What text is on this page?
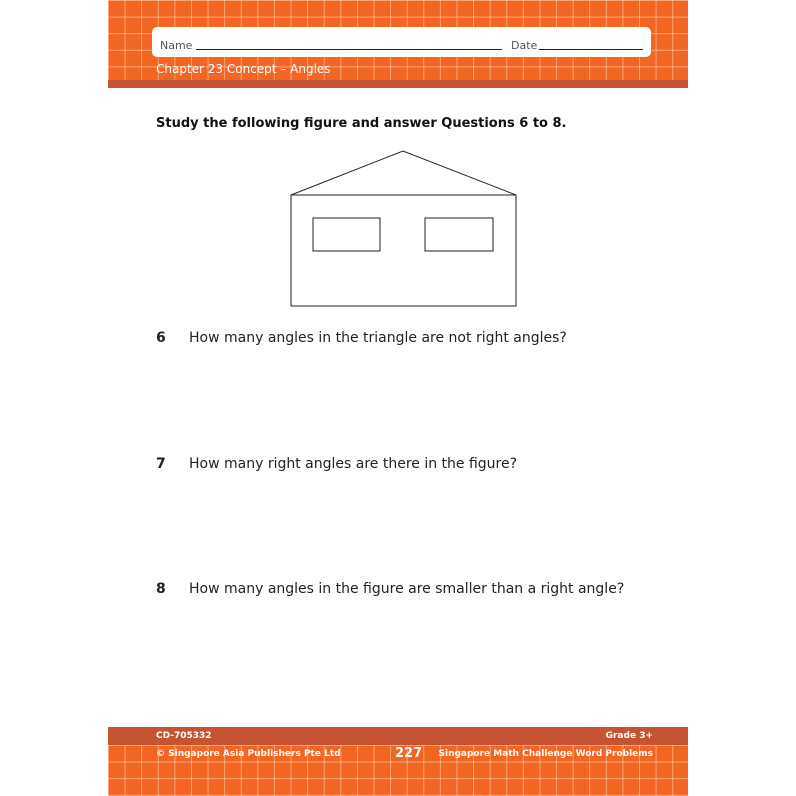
Name	Date
Chapter 23 Concept – Angles
Study the following figure and answer Questions 6 to 8.
6 How many angles in the triangle are not right angles?
7 How many right angles are there in the figure?
8 How many angles in the figure are smaller than a right angle?
CD-705332	Grade 3+
© Singapore Asia Publishers Pte Ltd	227 Singapore Math Challenge Word Problems
